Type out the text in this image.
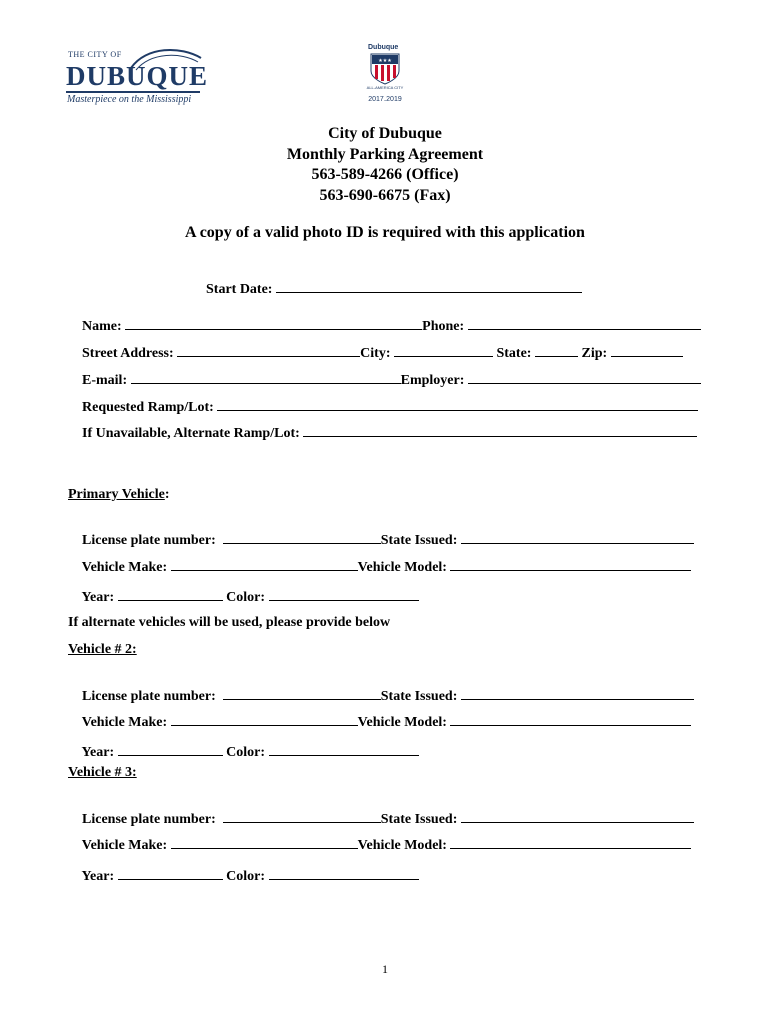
THE CITY OF
DUBUQUE
Masterpiece on the Mississippi
Dubuque
★★★
ALL-AMERICA CITY
2017․2019
City of Dubuque
Monthly Parking Agreement
563-589-4266 (Office)
563-690-6675 (Fax)
A copy of a valid photo ID is required with this application

Start Date:

Name:	Phone:

Street Address:	City:	State:	Zip:

E-mail:	Employer:

Requested Ramp/Lot:

If Unavailable, Alternate Ramp/Lot:

Primary Vehicle:

License plate number:	State Issued:

Vehicle Make:	Vehicle Model:

Year:	Color:

If alternate vehicles will be used, please provide below
Vehicle # 2:

License plate number:	State Issued:

Vehicle Make:	Vehicle Model:

Year:	Color:

Vehicle # 3:

License plate number:	State Issued:

Vehicle Make:	Vehicle Model:

Year:	Color:

1
